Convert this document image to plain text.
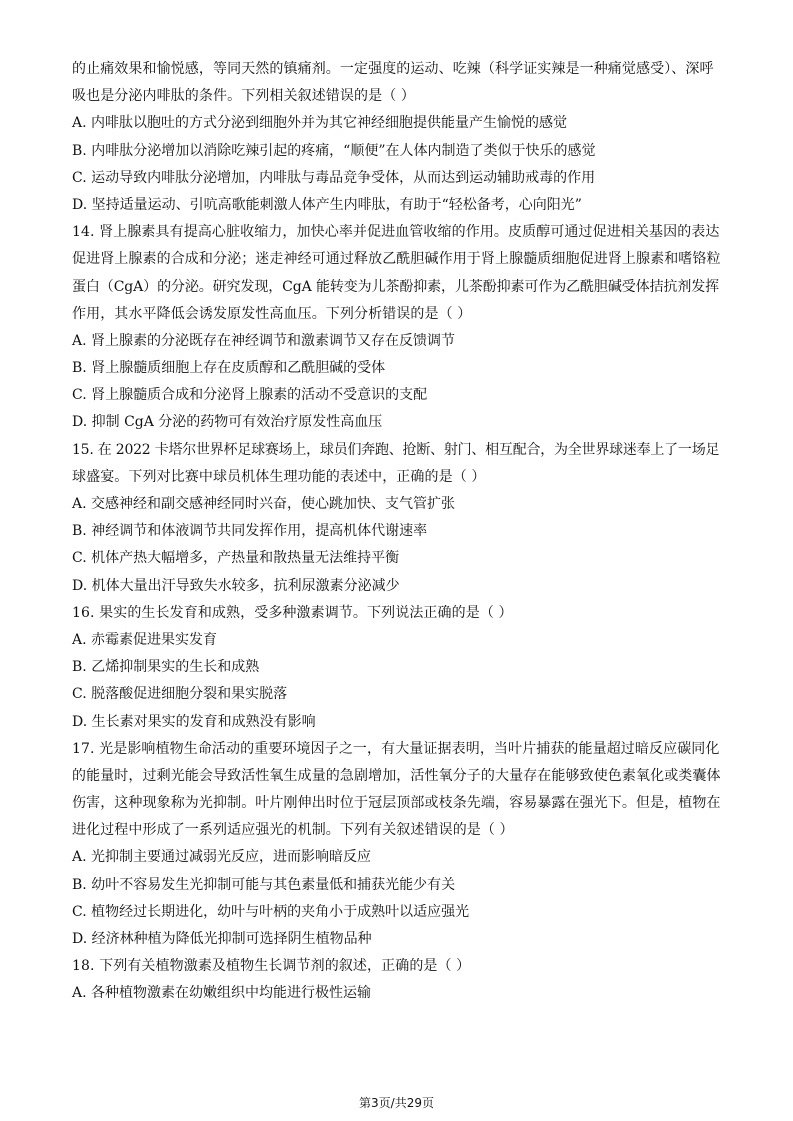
的止痛效果和愉悦感，等同天然的镇痛剂。一定强度的运动、吃辣（科学证实辣是一种痛觉感受）、深呼
吸也是分泌内啡肽的条件。下列相关叙述错误的是（ ）
A. 内啡肽以胞吐的方式分泌到细胞外并为其它神经细胞提供能量产生愉悦的感觉
B. 内啡肽分泌增加以消除吃辣引起的疼痛，“顺便”在人体内制造了类似于快乐的感觉
C. 运动导致内啡肽分泌增加，内啡肽与毒品竞争受体，从而达到运动辅助戒毒的作用
D. 坚持适量运动、引吭高歌能刺激人体产生内啡肽，有助于“轻松备考，心向阳光”
14. 肾上腺素具有提高心脏收缩力，加快心率并促进血管收缩的作用。皮质醇可通过促进相关基因的表达
促进肾上腺素的合成和分泌；迷走神经可通过释放乙酰胆碱作用于肾上腺髓质细胞促进肾上腺素和嗜铬粒
蛋白（CgA）的分泌。研究发现，CgA 能转变为儿茶酚抑素，儿茶酚抑素可作为乙酰胆碱受体拮抗剂发挥
作用，其水平降低会诱发原发性高血压。下列分析错误的是（ ）
A. 肾上腺素的分泌既存在神经调节和激素调节又存在反馈调节
B. 肾上腺髓质细胞上存在皮质醇和乙酰胆碱的受体
C. 肾上腺髓质合成和分泌肾上腺素的活动不受意识的支配
D. 抑制 CgA 分泌的药物可有效治疗原发性高血压
15. 在 2022 卡塔尔世界杯足球赛场上，球员们奔跑、抢断、射门、相互配合，为全世界球迷奉上了一场足
球盛宴。下列对比赛中球员机体生理功能的表述中，正确的是（ ）
A. 交感神经和副交感神经同时兴奋，使心跳加快、支气管扩张
B. 神经调节和体液调节共同发挥作用，提高机体代谢速率
C. 机体产热大幅增多，产热量和散热量无法维持平衡
D. 机体大量出汗导致失水较多，抗利尿激素分泌减少
16. 果实的生长发育和成熟，受多种激素调节。下列说法正确的是（ ）
A. 赤霉素促进果实发育
B. 乙烯抑制果实的生长和成熟
C. 脱落酸促进细胞分裂和果实脱落
D. 生长素对果实的发育和成熟没有影响
17. 光是影响植物生命活动的重要环境因子之一，有大量证据表明，当叶片捕获的能量超过暗反应碳同化
的能量时，过剩光能会导致活性氧生成量的急剧增加，活性氧分子的大量存在能够致使色素氧化或类囊体
伤害，这种现象称为光抑制。叶片刚伸出时位于冠层顶部或枝条先端，容易暴露在强光下。但是，植物在
进化过程中形成了一系列适应强光的机制。下列有关叙述错误的是（ ）
A. 光抑制主要通过减弱光反应，进而影响暗反应
B. 幼叶不容易发生光抑制可能与其色素量低和捕获光能少有关
C. 植物经过长期进化，幼叶与叶柄的夹角小于成熟叶以适应强光
D. 经济林种植为降低光抑制可选择阴生植物品种
18. 下列有关植物激素及植物生长调节剂的叙述，正确的是（ ）
A. 各种植物激素在幼嫩组织中均能进行极性运输
第3页/共29页
